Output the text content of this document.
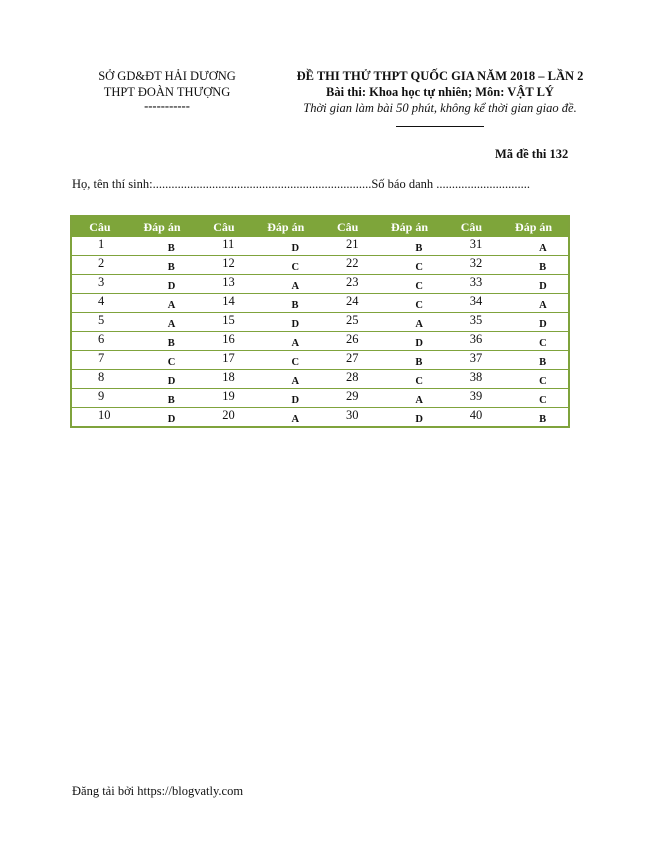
SỞ GD&ĐT HẢI DƯƠNG
THPT ĐOÀN THƯỢNG
-----------
ĐỀ THI THỬ THPT QUỐC GIA NĂM 2018 – LẦN 2
Bài thi: Khoa học tự nhiên; Môn: VẬT LÝ
Thời gian làm bài 50 phút, không kể thời gian giao đề.
Mã đề thi 132
Họ, tên thí sinh:......................................................................Số báo danh ..............................
Câu	Đáp án	Câu	Đáp án	Câu	Đáp án	Câu	Đáp án
1	B	11	D	21	B	31	A
2	B	12	C	22	C	32	B
3	D	13	A	23	C	33	D
4	A	14	B	24	C	34	A
5	A	15	D	25	A	35	D
6	B	16	A	26	D	36	C
7	C	17	C	27	B	37	B
8	D	18	A	28	C	38	C
9	B	19	D	29	A	39	C
10	D	20	A	30	D	40	B
Đăng tải bởi https://blogvatly.com
